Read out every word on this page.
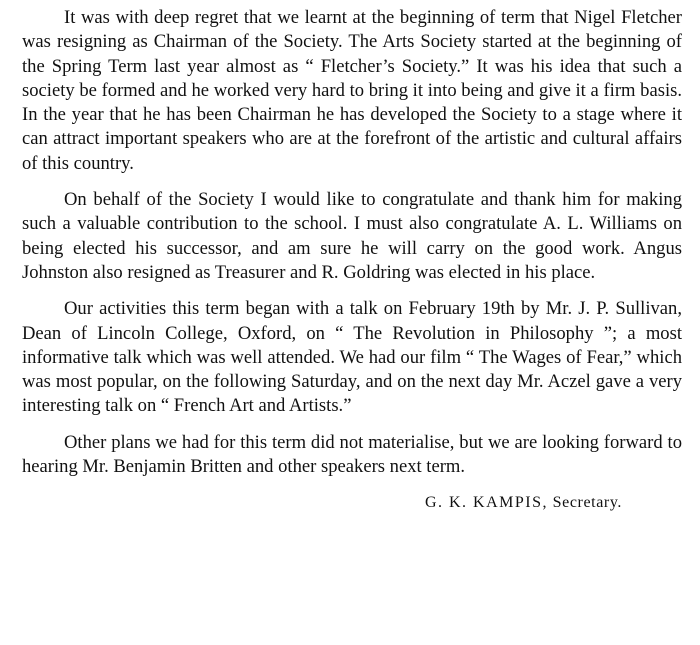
It was with deep regret that we learnt at the beginning of term that Nigel Fletcher was resigning as Chairman of the Society. The Arts Society started at the beginning of the Spring Term last year almost as “ Fletcher’s Society.” It was his idea that such a society be formed and he worked very hard to bring it into being and give it a firm basis. In the year that he has been Chairman he has developed the Society to a stage where it can attract important speakers who are at the forefront of the artistic and cultural affairs of this country.

On behalf of the Society I would like to congratulate and thank him for making such a valuable contribution to the school. I must also congratulate A. L. Williams on being elected his successor, and am sure he will carry on the good work. Angus Johnston also resigned as Treasurer and R. Goldring was elected in his place.

Our activities this term began with a talk on February 19th by Mr. J. P. Sullivan, Dean of Lincoln College, Oxford, on “ The Revolution in Philosophy ”; a most informative talk which was well attended. We had our film “ The Wages of Fear,” which was most popular, on the following Saturday, and on the next day Mr. Aczel gave a very interesting talk on “ French Art and Artists.”

Other plans we had for this term did not materialise, but we are looking forward to hearing Mr. Benjamin Britten and other speakers next term.

G. K. KAMPIS, Secretary.
